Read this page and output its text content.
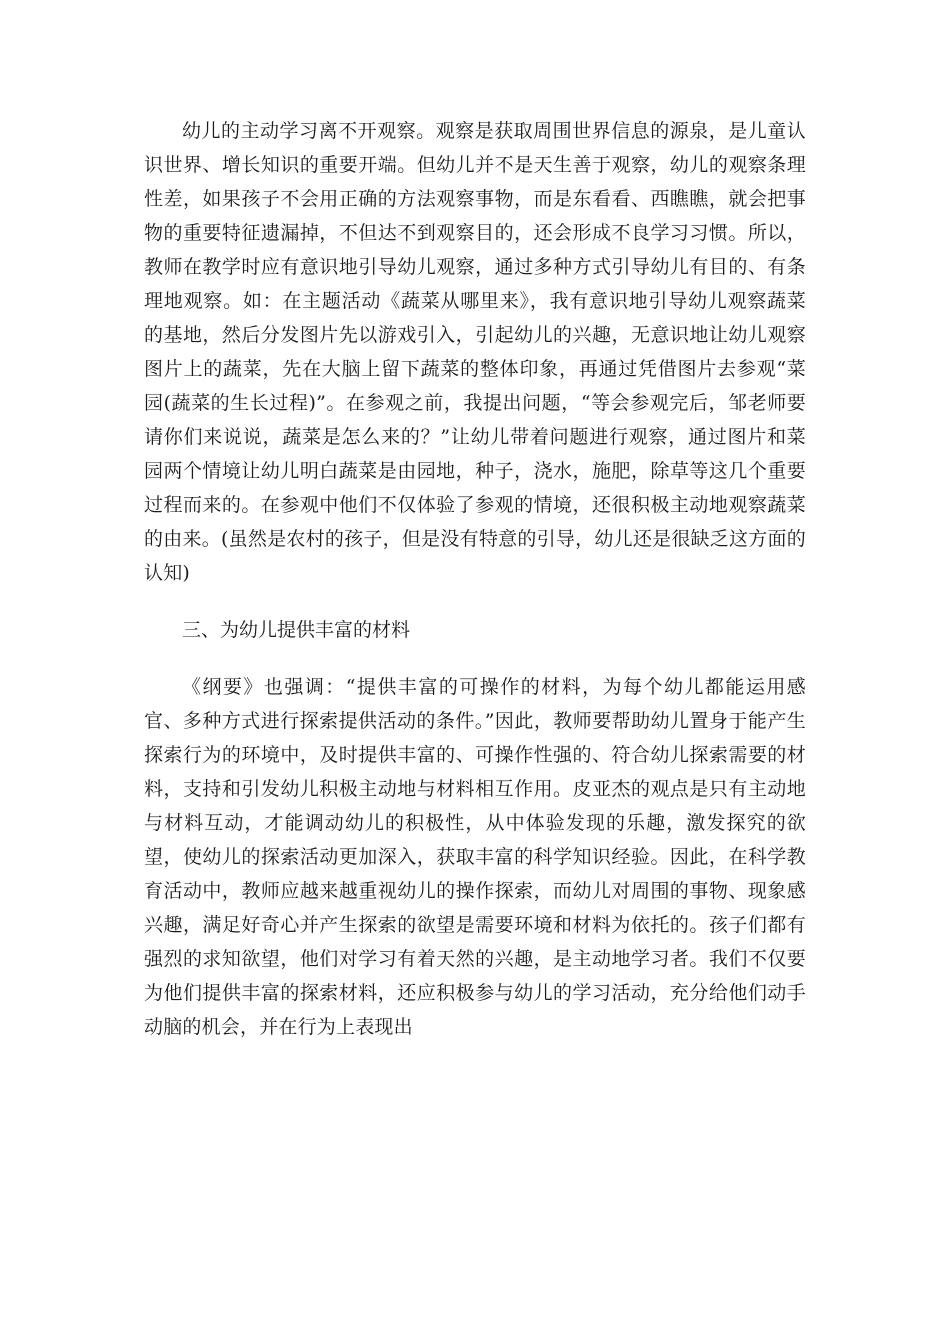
幼儿的主动学习离不开观察。观察是获取周围世界信息的源泉，是儿童认识世界、增长知识的重要开端。但幼儿并不是天生善于观察，幼儿的观察条理性差，如果孩子不会用正确的方法观察事物，而是东看看、西瞧瞧，就会把事物的重要特征遗漏掉，不但达不到观察目的，还会形成不良学习习惯。所以，教师在教学时应有意识地引导幼儿观察，通过多种方式引导幼儿有目的、有条理地观察。如：在主题活动《蔬菜从哪里来》，我有意识地引导幼儿观察蔬菜的基地，然后分发图片先以游戏引入，引起幼儿的兴趣，无意识地让幼儿观察图片上的蔬菜，先在大脑上留下蔬菜的整体印象，再通过凭借图片去参观“菜园(蔬菜的生长过程)”。在参观之前，我提出问题，“等会参观完后，邹老师要请你们来说说，蔬菜是怎么来的？”让幼儿带着问题进行观察，通过图片和菜园两个情境让幼儿明白蔬菜是由园地，种子，浇水，施肥，除草等这几个重要过程而来的。在参观中他们不仅体验了参观的情境，还很积极主动地观察蔬菜的由来。(虽然是农村的孩子，但是没有特意的引导，幼儿还是很缺乏这方面的认知)

三、为幼儿提供丰富的材料

《纲要》也强调：“提供丰富的可操作的材料，为每个幼儿都能运用感官、多种方式进行探索提供活动的条件。”因此，教师要帮助幼儿置身于能产生探索行为的环境中，及时提供丰富的、可操作性强的、符合幼儿探索需要的材料，支持和引发幼儿积极主动地与材料相互作用。皮亚杰的观点是只有主动地与材料互动，才能调动幼儿的积极性，从中体验发现的乐趣，激发探究的欲望，使幼儿的探索活动更加深入，获取丰富的科学知识经验。因此，在科学教育活动中，教师应越来越重视幼儿的操作探索，而幼儿对周围的事物、现象感兴趣，满足好奇心并产生探索的欲望是需要环境和材料为依托的。孩子们都有强烈的求知欲望，他们对学习有着天然的兴趣，是主动地学习者。我们不仅要为他们提供丰富的探索材料，还应积极参与幼儿的学习活动，充分给他们动手动脑的机会，并在行为上表现出
